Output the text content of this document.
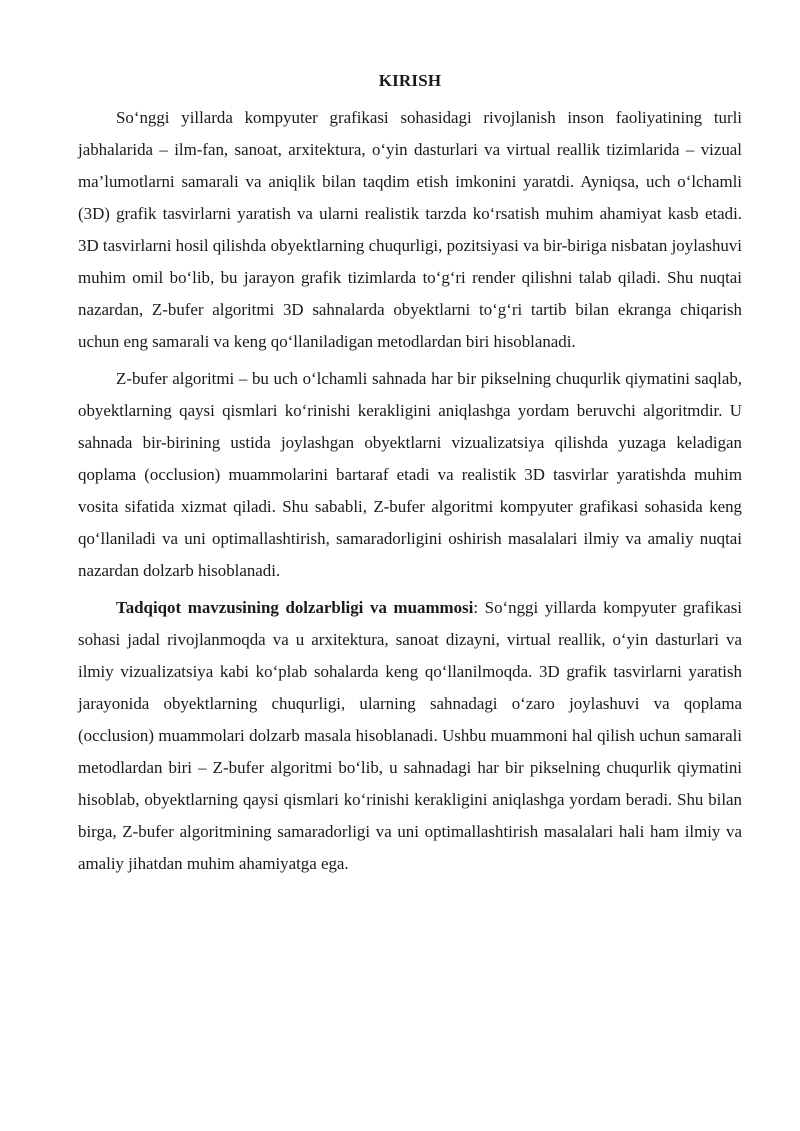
KIRISH

So‘nggi yillarda kompyuter grafikasi sohasidagi rivojlanish inson faoliyatining turli jabhalarida – ilm-fan, sanoat, arxitektura, o‘yin dasturlari va virtual reallik tizimlarida – vizual ma’lumotlarni samarali va aniqlik bilan taqdim etish imkonini yaratdi. Ayniqsa, uch o‘lchamli (3D) grafik tasvirlarni yaratish va ularni realistik tarzda ko‘rsatish muhim ahamiyat kasb etadi. 3D tasvirlarni hosil qilishda obyektlarning chuqurligi, pozitsiyasi va bir-biriga nisbatan joylashuvi muhim omil bo‘lib, bu jarayon grafik tizimlarda to‘g‘ri render qilishni talab qiladi. Shu nuqtai nazardan, Z-bufer algoritmi 3D sahnalarda obyektlarni to‘g‘ri tartib bilan ekranga chiqarish uchun eng samarali va keng qo‘llaniladigan metodlardan biri hisoblanadi.

Z-bufer algoritmi – bu uch o‘lchamli sahnada har bir pikselning chuqurlik qiymatini saqlab, obyektlarning qaysi qismlari ko‘rinishi kerakligini aniqlashga yordam beruvchi algoritmdir. U sahnada bir-birining ustida joylashgan obyektlarni vizualizatsiya qilishda yuzaga keladigan qoplama (occlusion) muammolarini bartaraf etadi va realistik 3D tasvirlar yaratishda muhim vosita sifatida xizmat qiladi. Shu sababli, Z-bufer algoritmi kompyuter grafikasi sohasida keng qo‘llaniladi va uni optimallashtirish, samaradorligini oshirish masalalari ilmiy va amaliy nuqtai nazardan dolzarb hisoblanadi.

Tadqiqot mavzusining dolzarbligi va muammosi: So‘nggi yillarda kompyuter grafikasi sohasi jadal rivojlanmoqda va u arxitektura, sanoat dizayni, virtual reallik, o‘yin dasturlari va ilmiy vizualizatsiya kabi ko‘plab sohalarda keng qo‘llanilmoqda. 3D grafik tasvirlarni yaratish jarayonida obyektlarning chuqurligi, ularning sahnadagi o‘zaro joylashuvi va qoplama (occlusion) muammolari dolzarb masala hisoblanadi. Ushbu muammoni hal qilish uchun samarali metodlardan biri – Z-bufer algoritmi bo‘lib, u sahnadagi har bir pikselning chuqurlik qiymatini hisoblab, obyektlarning qaysi qismlari ko‘rinishi kerakligini aniqlashga yordam beradi. Shu bilan birga, Z-bufer algoritmining samaradorligi va uni optimallashtirish masalalari hali ham ilmiy va amaliy jihatdan muhim ahamiyatga ega.
